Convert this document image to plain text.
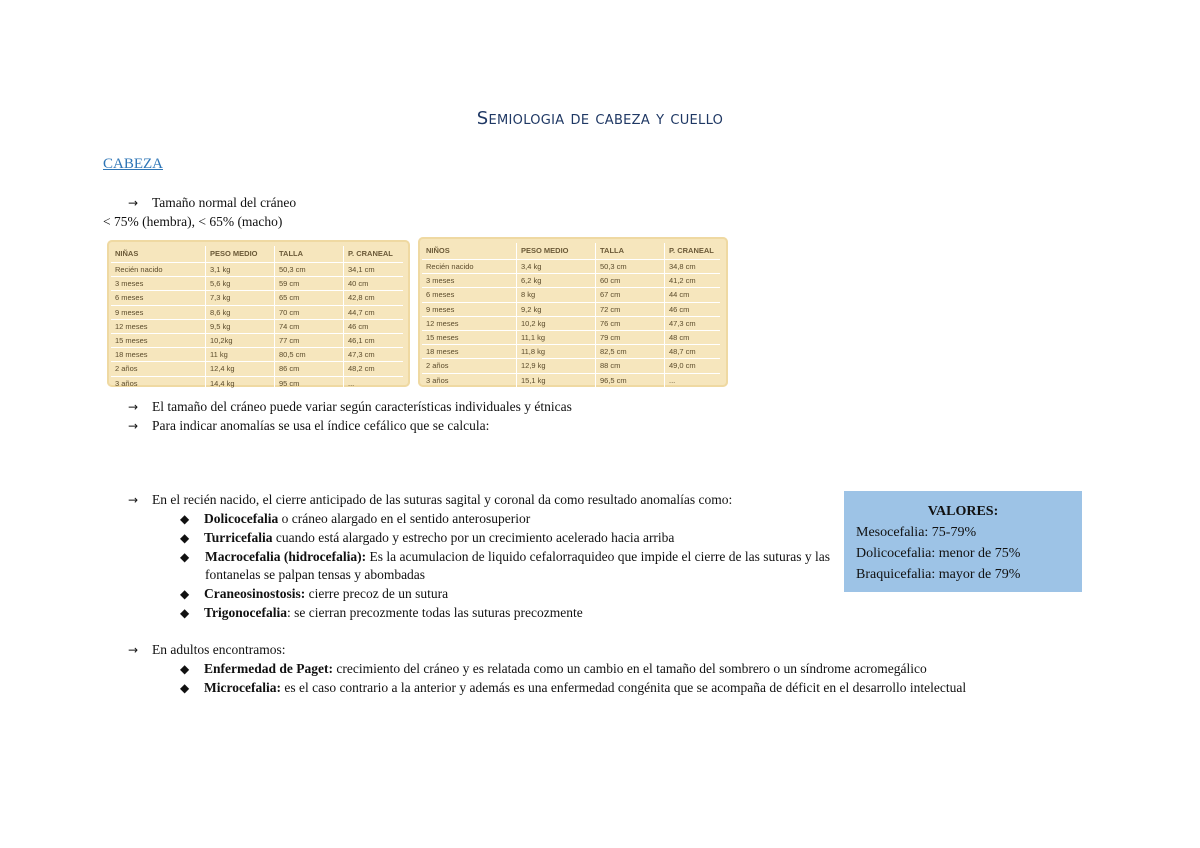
Semiologia de cabeza y cuello
CABEZA
→ Tamaño normal del cráneo
< 75% (hembra), < 65% (macho)
NIÑAS	PESO MEDIO	TALLA	P. CRANEAL
Recién nacido	3,1 kg	50,3 cm	34,1 cm
3 meses	5,6 kg	59 cm	40 cm
6 meses	7,3 kg	65 cm	42,8 cm
9 meses	8,6 kg	70 cm	44,7 cm
12 meses	9,5 kg	74 cm	46 cm
15 meses	10,2kg	77 cm	46,1 cm
18 meses	11 kg	80,5 cm	47,3 cm
2 años	12,4 kg	86 cm	48,2 cm
3 años	14,4 kg	95 cm	...
NIÑOS	PESO MEDIO	TALLA	P. CRANEAL
Recién nacido	3,4 kg	50,3 cm	34,8 cm
3 meses	6,2 kg	60 cm	41,2 cm
6 meses	8 kg	67 cm	44 cm
9 meses	9,2 kg	72 cm	46 cm
12 meses	10,2 kg	76 cm	47,3 cm
15 meses	11,1 kg	79 cm	48 cm
18 meses	11,8 kg	82,5 cm	48,7 cm
2 años	12,9 kg	88 cm	49,0 cm
3 años	15,1 kg	96,5 cm	...
→ El tamaño del cráneo puede variar según características individuales y étnicas
→ Para indicar anomalías se usa el índice cefálico que se calcula:
→ En el recién nacido, el cierre anticipado de las suturas sagital y coronal da como resultado anomalías como:
◆ Dolicocefalia o cráneo alargado en el sentido anterosuperior
◆ Turricefalia cuando está alargado y estrecho por un crecimiento acelerado hacia arriba
◆	Macrocefalia (hidrocefalia): Es la acumulacion de liquido cefalorraquideo que impide el cierre de las suturas y las fontanelas se palpan tensas y abombadas
◆ Craneosinostosis: cierre precoz de un sutura
◆ Trigonocefalia: se cierran precozmente todas las suturas precozmente
→ En adultos encontramos:
◆ Enfermedad de Paget: crecimiento del cráneo y es relatada como un cambio en el tamaño del sombrero o un síndrome acromegálico
◆ Microcefalia: es el caso contrario a la anterior y además es una enfermedad congénita que se acompaña de déficit en el desarrollo intelectual
VALORES:
Mesocefalia: 75-79%
Dolicocefalia: menor de 75%
Braquicefalia: mayor de 79%
